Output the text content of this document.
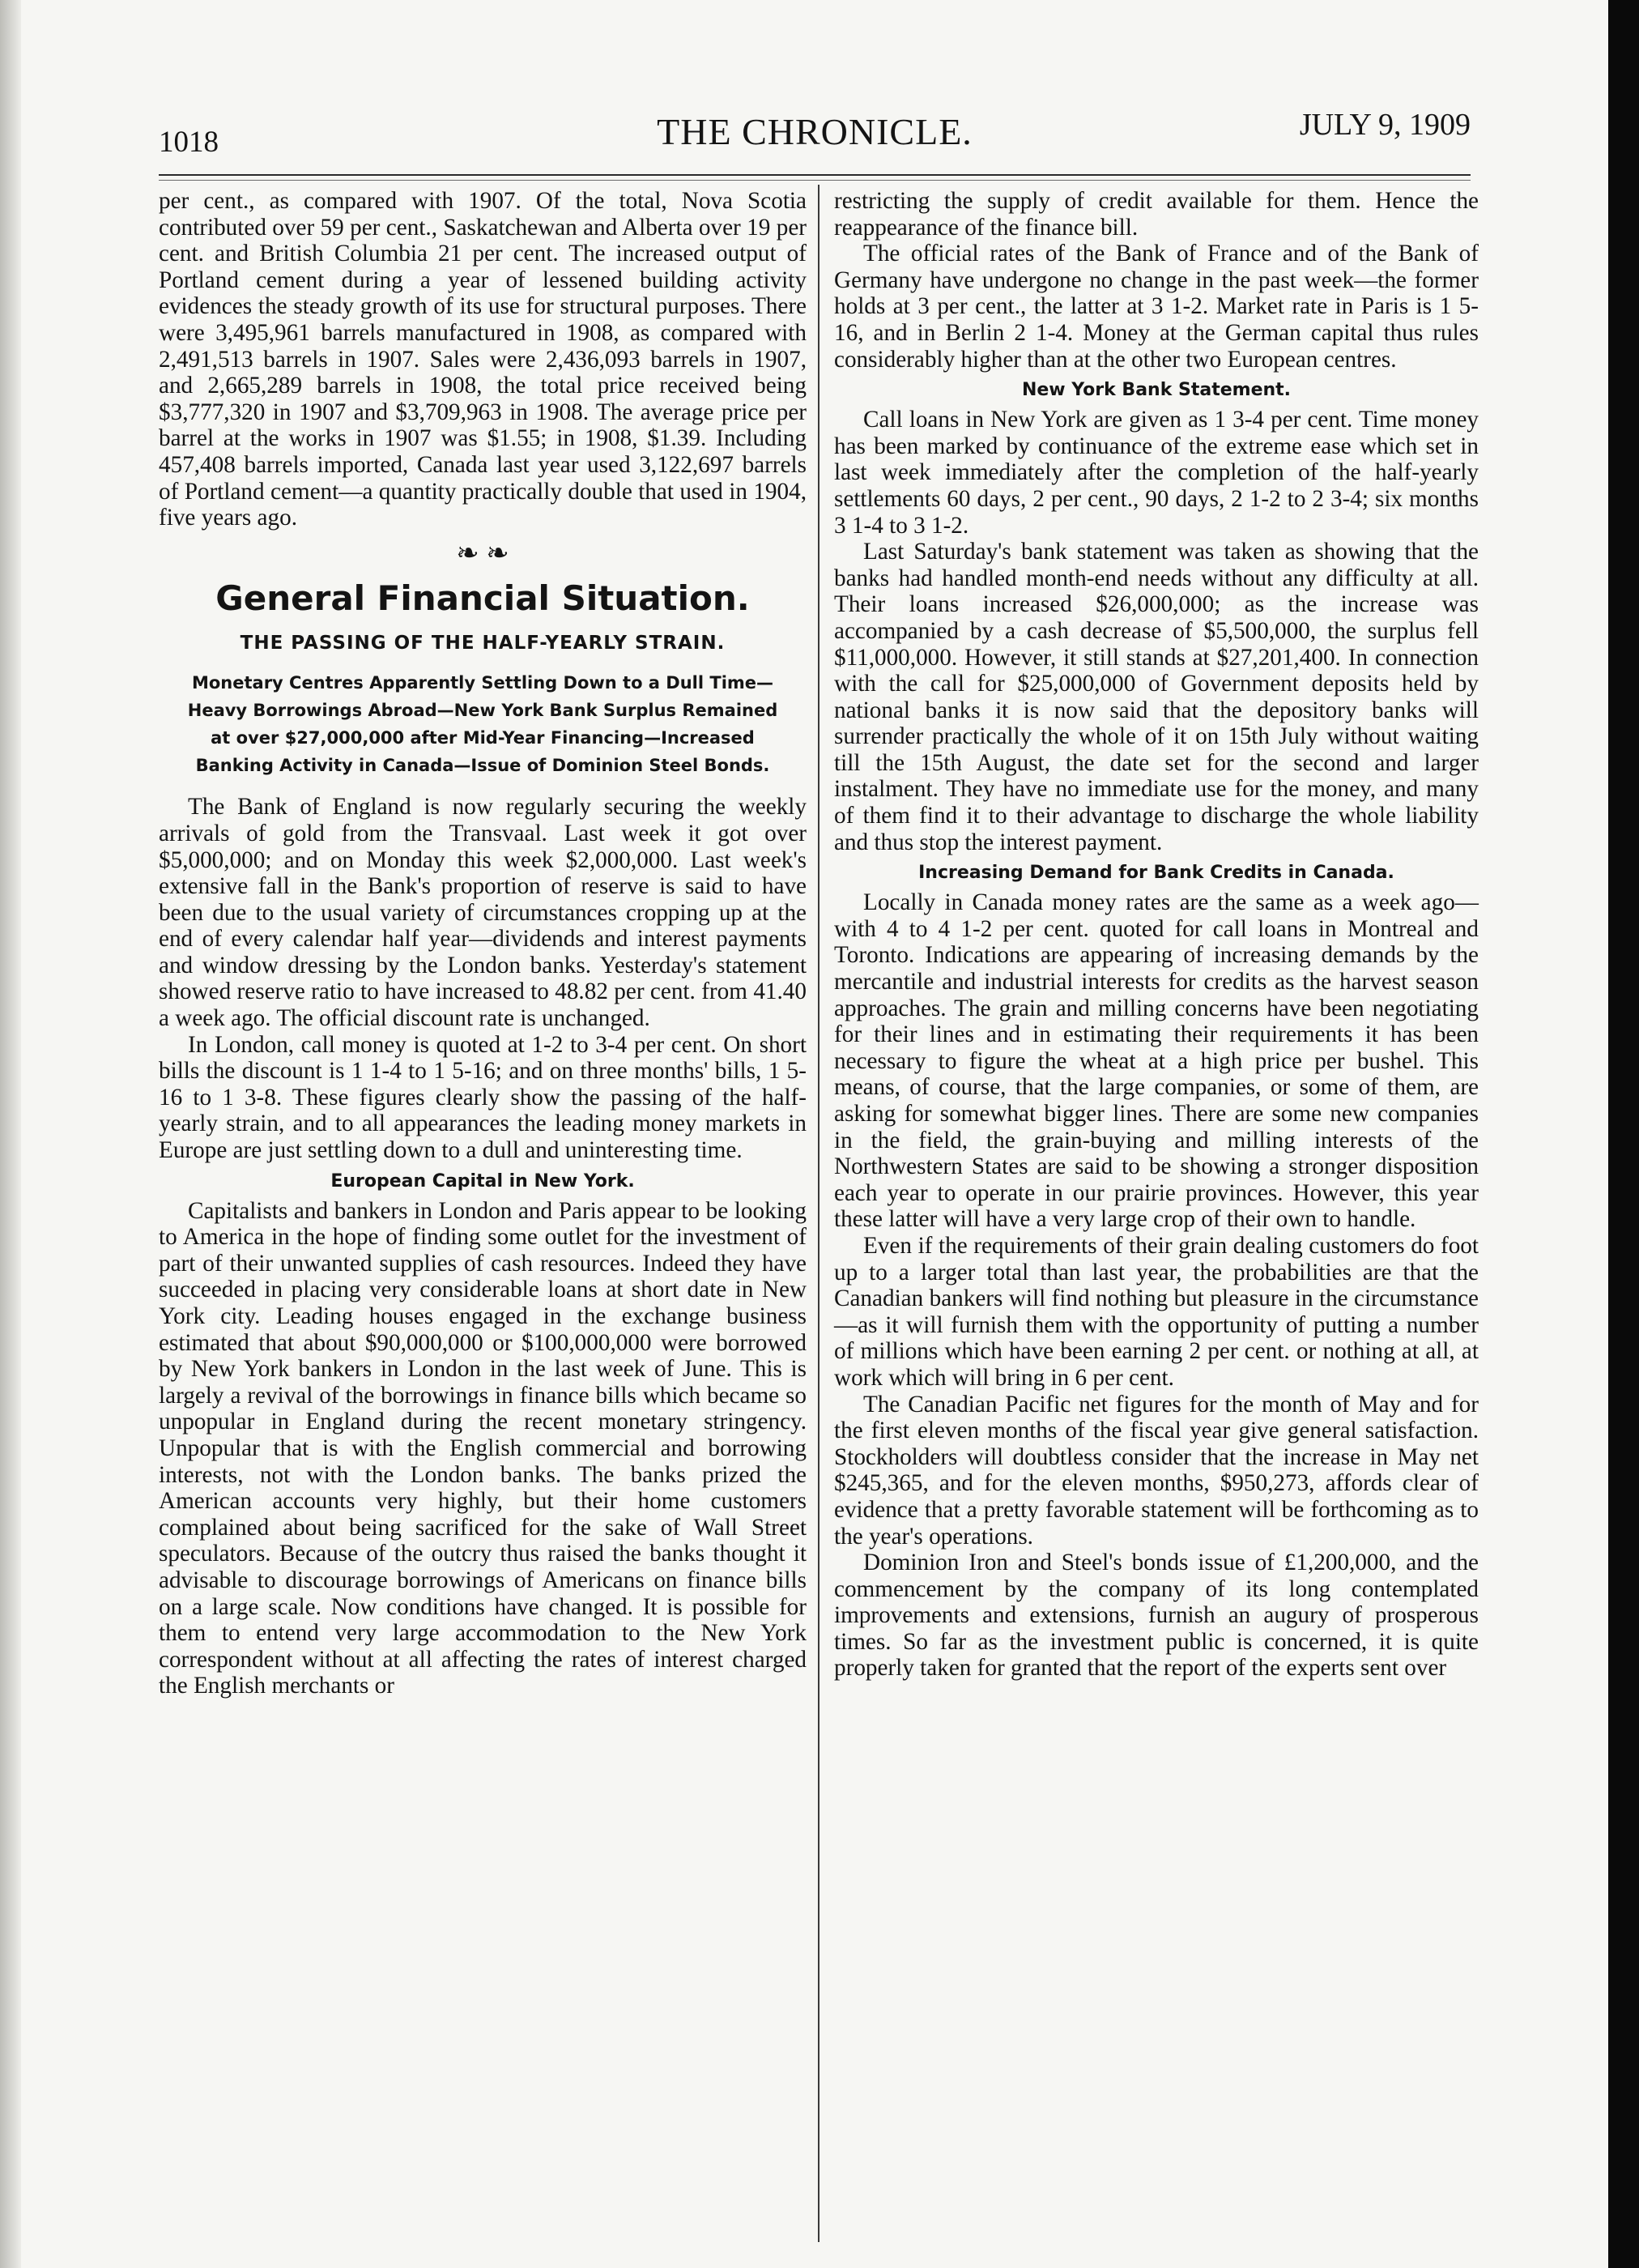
1018	THE CHRONICLE.	JULY 9, 1909

per cent., as compared with 1907. Of the total, Nova Scotia contributed over 59 per cent., Saskatchewan and Alberta over 19 per cent. and British Columbia 21 per cent. The increased output of Portland cement during a year of lessened building activity evidences the steady growth of its use for structural purposes. There were 3,495,961 barrels manufactured in 1908, as compared with 2,491,513 barrels in 1907. Sales were 2,436,093 barrels in 1907, and 2,665,289 barrels in 1908, the total price received being $3,777,320 in 1907 and $3,709,963 in 1908. The average price per barrel at the works in 1907 was $1.55; in 1908, $1.39. Including 457,408 barrels imported, Canada last year used 3,122,697 barrels of Portland cement—a quantity practically double that used in 1904, five years ago.

❧ ❧
General Financial Situation.
THE PASSING OF THE HALF-YEARLY STRAIN.
Monetary Centres Apparently Settling Down to a Dull Time—Heavy Borrowings Abroad—New York Bank Surplus Remained at over $27,000,000 after Mid-Year Financing—Increased Banking Activity in Canada—Issue of Dominion Steel Bonds.

The Bank of England is now regularly securing the weekly arrivals of gold from the Transvaal. Last week it got over $5,000,000; and on Monday this week $2,000,000. Last week's extensive fall in the Bank's proportion of reserve is said to have been due to the usual variety of circumstances cropping up at the end of every calendar half year—dividends and interest payments and window dressing by the London banks. Yesterday's statement showed reserve ratio to have increased to 48.82 per cent. from 41.40 a week ago. The official discount rate is unchanged.

In London, call money is quoted at 1-2 to 3-4 per cent. On short bills the discount is 1 1-4 to 1 5-16; and on three months' bills, 1 5-16 to 1 3-8. These figures clearly show the passing of the half-yearly strain, and to all appearances the leading money markets in Europe are just settling down to a dull and uninteresting time.

European Capital in New York.

Capitalists and bankers in London and Paris appear to be looking to America in the hope of finding some outlet for the investment of part of their unwanted supplies of cash resources. Indeed they have succeeded in placing very considerable loans at short date in New York city. Leading houses engaged in the exchange business estimated that about $90,000,000 or $100,000,000 were borrowed by New York bankers in London in the last week of June. This is largely a revival of the borrowings in finance bills which became so unpopular in England during the recent monetary stringency. Unpopular that is with the English commercial and borrowing interests, not with the London banks. The banks prized the American accounts very highly, but their home customers complained about being sacrificed for the sake of Wall Street speculators. Because of the outcry thus raised the banks thought it advisable to discourage borrowings of Americans on finance bills on a large scale. Now conditions have changed. It is possible for them to entend very large accommodation to the New York correspondent without at all affecting the rates of interest charged the English merchants or

restricting the supply of credit available for them. Hence the reappearance of the finance bill.

The official rates of the Bank of France and of the Bank of Germany have undergone no change in the past week—the former holds at 3 per cent., the latter at 3 1-2. Market rate in Paris is 1 5-16, and in Berlin 2 1-4. Money at the German capital thus rules considerably higher than at the other two European centres.

New York Bank Statement.

Call loans in New York are given as 1 3-4 per cent. Time money has been marked by continuance of the extreme ease which set in last week immediately after the completion of the half-yearly settlements 60 days, 2 per cent., 90 days, 2 1-2 to 2 3-4; six months 3 1-4 to 3 1-2.

Last Saturday's bank statement was taken as showing that the banks had handled month-end needs without any difficulty at all. Their loans increased $26,000,000; as the increase was accompanied by a cash decrease of $5,500,000, the surplus fell $11,000,000. However, it still stands at $27,201,400. In connection with the call for $25,000,000 of Government deposits held by national banks it is now said that the depository banks will surrender practically the whole of it on 15th July without waiting till the 15th August, the date set for the second and larger instalment. They have no immediate use for the money, and many of them find it to their advantage to discharge the whole liability and thus stop the interest payment.

Increasing Demand for Bank Credits in Canada.

Locally in Canada money rates are the same as a week ago—with 4 to 4 1-2 per cent. quoted for call loans in Montreal and Toronto. Indications are appearing of increasing demands by the mercantile and industrial interests for credits as the harvest season approaches. The grain and milling concerns have been negotiating for their lines and in estimating their requirements it has been necessary to figure the wheat at a high price per bushel. This means, of course, that the large companies, or some of them, are asking for somewhat bigger lines. There are some new companies in the field, the grain-buying and milling interests of the Northwestern States are said to be showing a stronger disposition each year to operate in our prairie provinces. However, this year these latter will have a very large crop of their own to handle.

Even if the requirements of their grain dealing customers do foot up to a larger total than last year, the probabilities are that the Canadian bankers will find nothing but pleasure in the circumstance—as it will furnish them with the opportunity of putting a number of millions which have been earning 2 per cent. or nothing at all, at work which will bring in 6 per cent.

The Canadian Pacific net figures for the month of May and for the first eleven months of the fiscal year give general satisfaction. Stockholders will doubtless consider that the increase in May net $245,365, and for the eleven months, $950,273, affords clear of evidence that a pretty favorable statement will be forthcoming as to the year's operations.

Dominion Iron and Steel's bonds issue of £1,200,000, and the commencement by the company of its long contemplated improvements and extensions, furnish an augury of prosperous times. So far as the investment public is concerned, it is quite properly taken for granted that the report of the experts sent over
